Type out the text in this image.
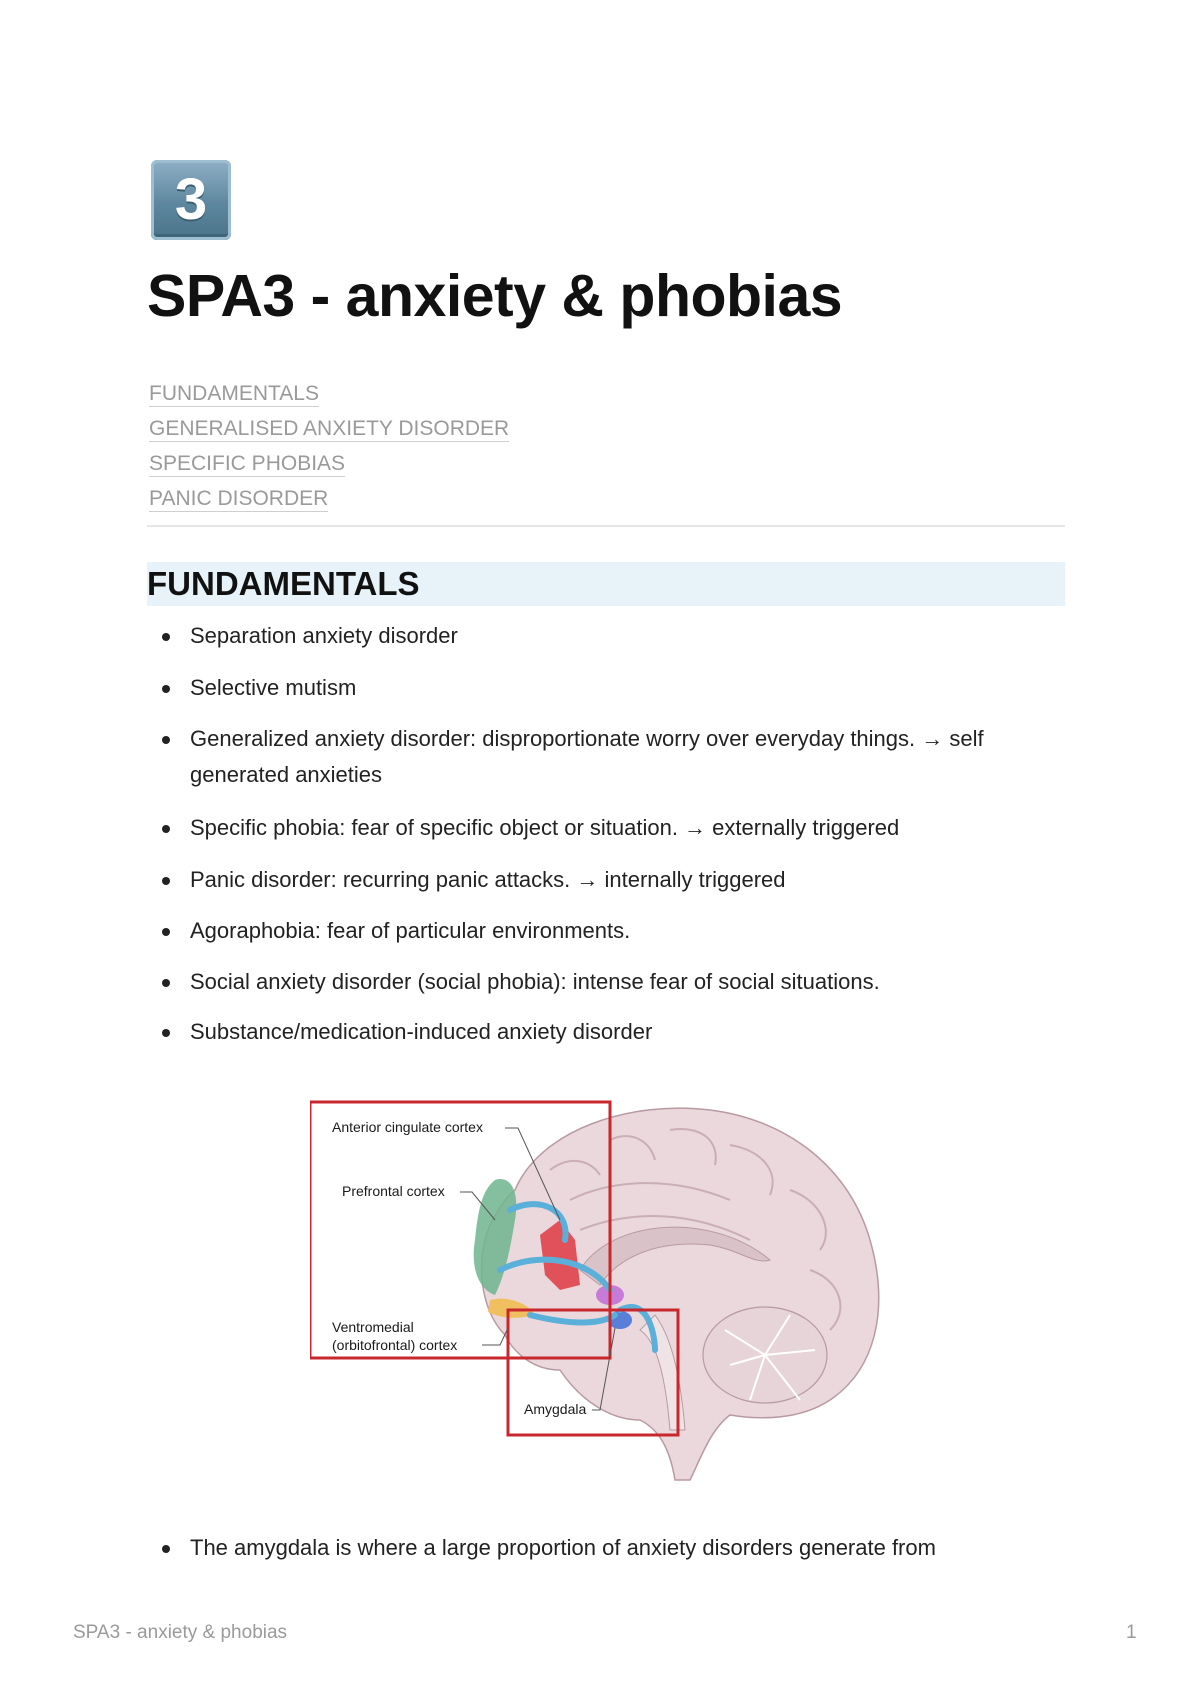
3
SPA3 - anxiety & phobias
FUNDAMENTALS
GENERALISED ANXIETY DISORDER
SPECIFIC PHOBIAS
PANIC DISORDER
FUNDAMENTALS
Separation anxiety disorder
Selective mutism
Generalized anxiety disorder: disproportionate worry over everyday things. → self generated anxieties
Specific phobia: fear of specific object or situation. → externally triggered
Panic disorder: recurring panic attacks. → internally triggered
Agoraphobia: fear of particular environments.
Social anxiety disorder (social phobia): intense fear of social situations.
Substance/medication-induced anxiety disorder
The amygdala is where a large proportion of anxiety disorders generate from
Anterior cingulate cortex
Prefrontal cortex
Ventromedial
(orbitofrontal) cortex
Amygdala
SPA3 - anxiety & phobias	1
